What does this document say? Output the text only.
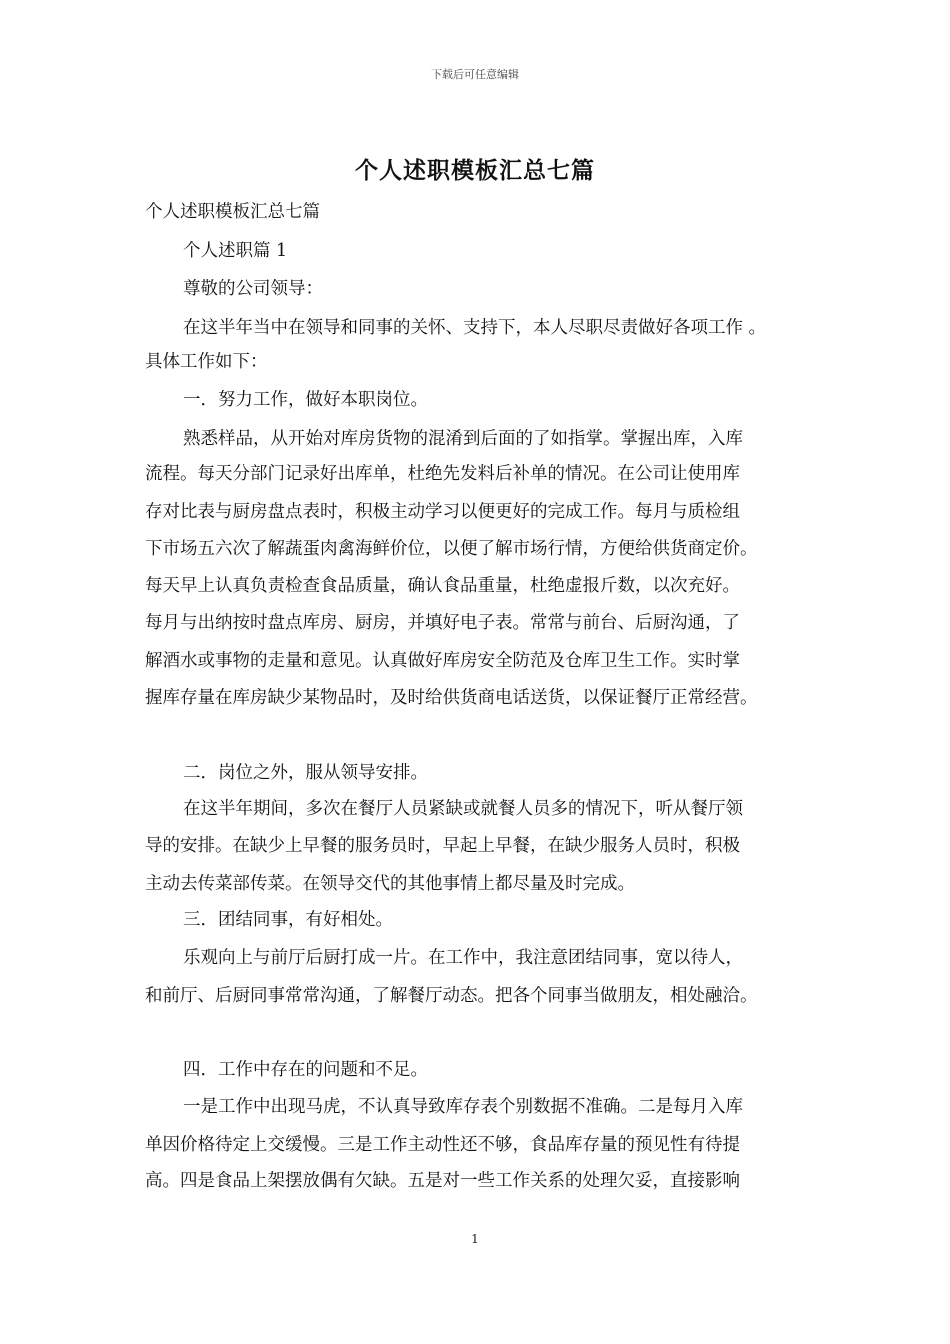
下载后可任意编辑
个人述职模板汇总七篇
个人述职模板汇总七篇
个人述职篇 1
尊敬的公司领导：
在这半年当中在领导和同事的关怀、支持下，本人尽职尽责做好各项工作 。
具体工作如下：
一．努力工作，做好本职岗位。
熟悉样品，从开始对库房货物的混淆到后面的了如指掌。掌握出库，入库
流程。每天分部门记录好出库单，杜绝先发料后补单的情况。在公司让使用库
存对比表与厨房盘点表时，积极主动学习以便更好的完成工作。每月与质检组
下市场五六次了解蔬蛋肉禽海鲜价位，以便了解市场行情，方便给供货商定价。
每天早上认真负责检查食品质量，确认食品重量，杜绝虚报斤数，以次充好。
每月与出纳按时盘点库房、厨房，并填好电子表。常常与前台、后厨沟通，了
解酒水或事物的走量和意见。认真做好库房安全防范及仓库卫生工作。实时掌
握库存量在库房缺少某物品时，及时给供货商电话送货，以保证餐厅正常经营。
二．岗位之外，服从领导安排。
在这半年期间，多次在餐厅人员紧缺或就餐人员多的情况下，听从餐厅领
导的安排。在缺少上早餐的服务员时，早起上早餐，在缺少服务人员时，积极
主动去传菜部传菜。在领导交代的其他事情上都尽量及时完成。
三．团结同事，有好相处。
乐观向上与前厅后厨打成一片。在工作中，我注意团结同事，宽以待人，
和前厅、后厨同事常常沟通，了解餐厅动态。把各个同事当做朋友，相处融洽。
四．工作中存在的问题和不足。
一是工作中出现马虎，不认真导致库存表个别数据不准确。二是每月入库
单因价格待定上交缓慢。三是工作主动性还不够，食品库存量的预见性有待提
高。四是食品上架摆放偶有欠缺。五是对一些工作关系的处理欠妥，直接影响
1
